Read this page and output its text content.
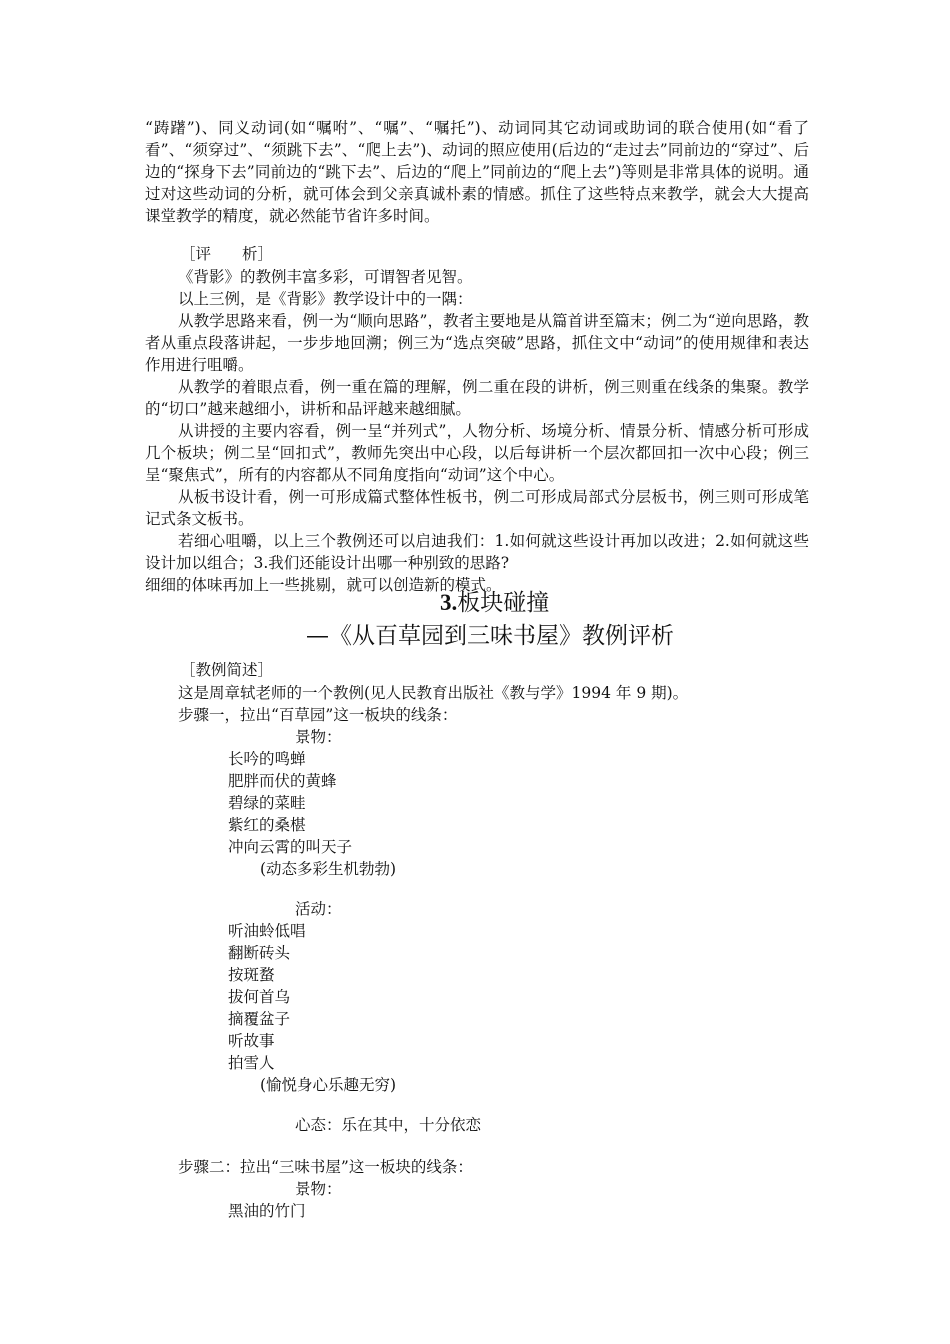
“踌躇”)、同义动词(如“嘱咐”、“嘱”、“嘱托”)、动词同其它动词或助词的联合使用(如“看了看”、“须穿过”、“须跳下去”、“爬上去”)、动词的照应使用(后边的“走过去”同前边的“穿过”、后边的“探身下去”同前边的“跳下去”、后边的“爬上”同前边的“爬上去”)等则是非常具体的说明。通过对这些动词的分析，就可体会到父亲真诚朴素的情感。抓住了这些特点来教学，就会大大提高课堂教学的精度，就必然能节省许多时间。

［评　　析］
《背影》的教例丰富多彩，可谓智者见智。
以上三例，是《背影》教学设计中的一隅：

从教学思路来看，例一为“顺向思路”，教者主要地是从篇首讲至篇末；例二为“逆向思路，教者从重点段落讲起，一步步地回溯；例三为“选点突破”思路，抓住文中“动词”的使用规律和表达作用进行咀嚼。

从教学的着眼点看，例一重在篇的理解，例二重在段的讲析，例三则重在线条的集聚。教学的“切口”越来越细小，讲析和品评越来越细腻。

从讲授的主要内容看，例一呈“并列式”，人物分析、场境分析、情景分析、情感分析可形成几个板块；例二呈“回扣式”，教师先突出中心段，以后每讲析一个层次都回扣一次中心段；例三呈“聚焦式”，所有的内容都从不同角度指向“动词”这个中心。

从板书设计看，例一可形成篇式整体性板书，例二可形成局部式分层板书，例三则可形成笔记式条文板书。

若细心咀嚼，以上三个教例还可以启迪我们：1.如何就这些设计再加以改进；2.如何就这些设计加以组合；3.我们还能设计出哪一种别致的思路?

细细的体味再加上一些挑剔，就可以创造新的模式。
3.板块碰撞
—《从百草园到三味书屋》教例评析
［教例简述］
这是周章轼老师的一个教例(见人民教育出版社《教与学》1994 年 9 期)。
步骤一，拉出“百草园”这一板块的线条：
景物：
长吟的鸣蝉
肥胖而伏的黄蜂
碧绿的菜畦
紫红的桑椹
冲向云霄的叫天子
(动态多彩生机勃勃)
活动：
听油蛉低唱
翻断砖头
按斑蝥
拔何首乌
摘覆盆子
听故事
拍雪人
(愉悦身心乐趣无穷)
心态：乐在其中，十分依恋
步骤二：拉出“三味书屋”这一板块的线条：
景物：
黑油的竹门
